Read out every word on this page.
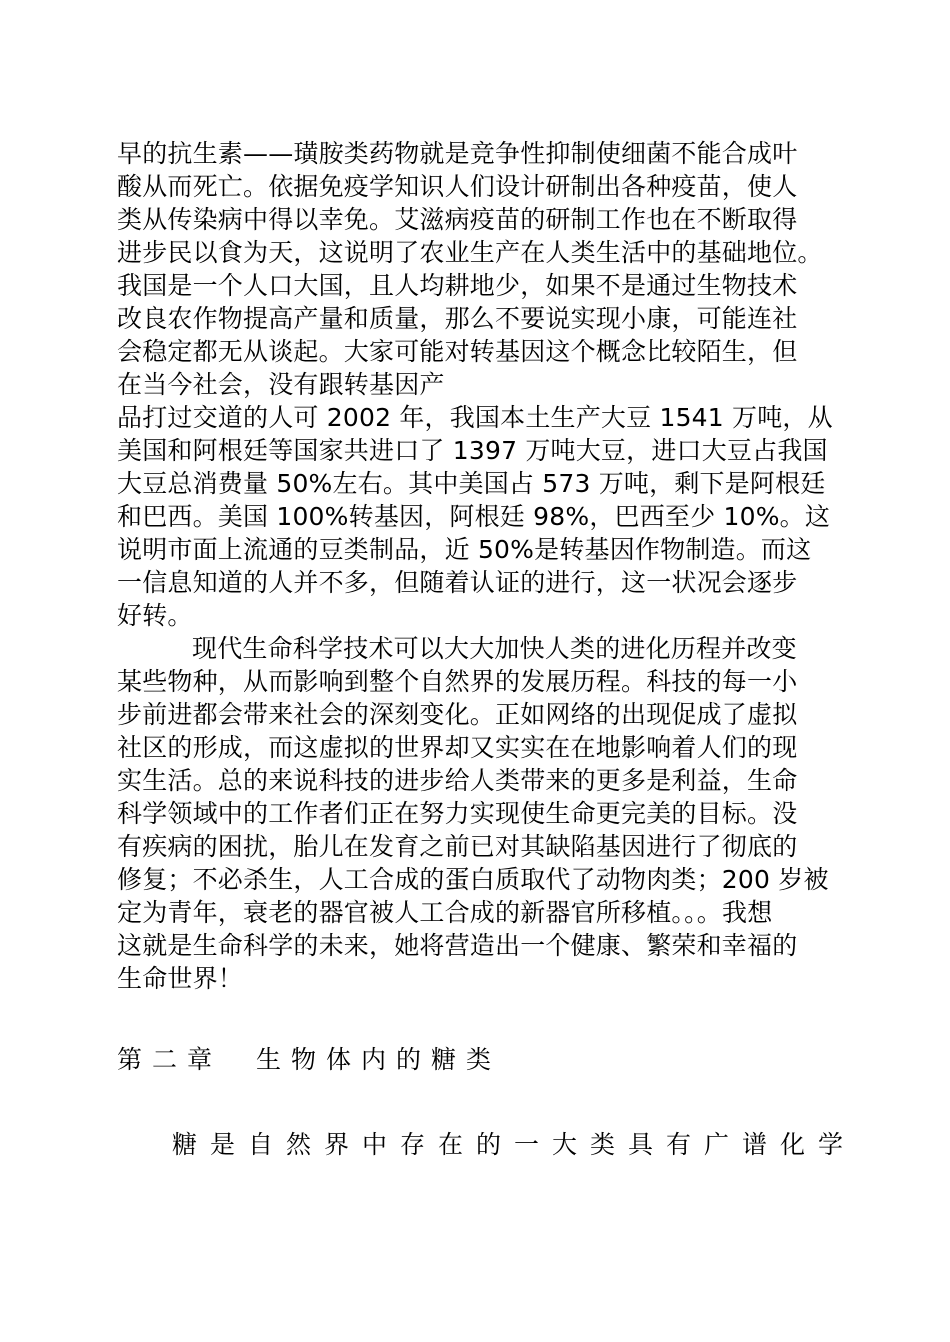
早的抗生素——璜胺类药物就是竞争性抑制使细菌不能合成叶
酸从而死亡。依据免疫学知识人们设计研制出各种疫苗，使人
类从传染病中得以幸免。艾滋病疫苗的研制工作也在不断取得
进步民以食为天，这说明了农业生产在人类生活中的基础地位。
我国是一个人口大国，且人均耕地少，如果不是通过生物技术
改良农作物提高产量和质量，那么不要说实现小康，可能连社
会稳定都无从谈起。大家可能对转基因这个概念比较陌生，但
在当今社会，没有跟转基因产
品打过交道的人可 2002 年，我国本土生产大豆 1541 万吨，从
美国和阿根廷等国家共进口了 1397 万吨大豆，进口大豆占我国
大豆总消费量 50%左右。其中美国占 573 万吨，剩下是阿根廷
和巴西。美国 100%转基因，阿根廷 98%，巴西至少 10%。这
说明市面上流通的豆类制品，近 50%是转基因作物制造。而这
一信息知道的人并不多，但随着认证的进行，这一状况会逐步
好转。
现代生命科学技术可以大大加快人类的进化历程并改变
某些物种，从而影响到整个自然界的发展历程。科技的每一小
步前进都会带来社会的深刻变化。正如网络的出现促成了虚拟
社区的形成，而这虚拟的世界却又实实在在地影响着人们的现
实生活。总的来说科技的进步给人类带来的更多是利益，生命
科学领域中的工作者们正在努力实现使生命更完美的目标。没
有疾病的困扰，胎儿在发育之前已对其缺陷基因进行了彻底的
修复；不必杀生，人工合成的蛋白质取代了动物肉类；200 岁被
定为青年，衰老的器官被人工合成的新器官所移植。。。我想
这就是生命科学的未来，她将营造出一个健康、繁荣和幸福的
生命世界！
第二章 生物体内的糖类
糖是自然界中存在的一大类具有广谱化学
